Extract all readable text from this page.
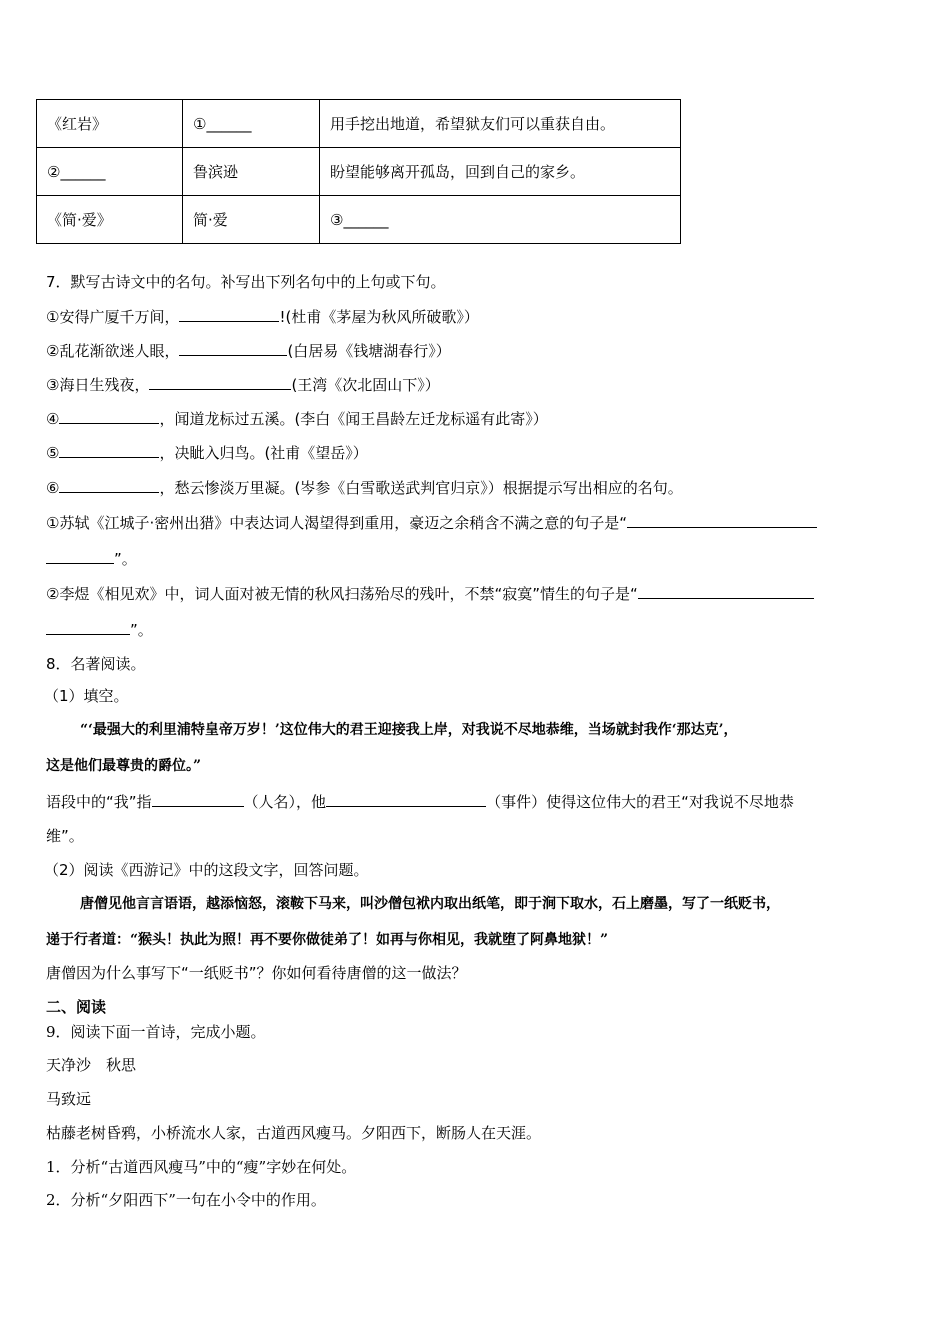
《红岩》	①______	用手挖出地道，希望狱友们可以重获自由。
②______	鲁滨逊	盼望能够离开孤岛，回到自己的家乡。
《简·爱》	简·爱	③______
7．默写古诗文中的名句。补写出下列名句中的上句或下句。
①安得广厦千万间，	!(杜甫《茅屋为秋风所破歌》）
②乱花渐欲迷人眼，	(白居易《钱塘湖春行》）
③海日生残夜，	(王湾《次北固山下》）
④	，闻道龙标过五溪。(李白《闻王昌龄左迁龙标遥有此寄》）
⑤	，决眦入归鸟。(社甫《望岳》）
⑥	，愁云惨淡万里凝。(岑参《白雪歌送武判官归京》）根据提示写出相应的名句。
①苏轼《江城子·密州出猎》中表达词人渴望得到重用，豪迈之余稍含不满之意的句子是“
”。
②李煜《相见欢》中，词人面对被无情的秋风扫荡殆尽的残叶，不禁“寂寞”情生的句子是“
”。
8．名著阅读。
（1）填空。
“‘最强大的利里浦特皇帝万岁！’这位伟大的君王迎接我上岸，对我说不尽地恭维，当场就封我作‘那达克’，
这是他们最尊贵的爵位。”
语段中的“我”指	（人名），他	（事件）使得这位伟大的君王“对我说不尽地恭
维”。
（2）阅读《西游记》中的这段文字，回答问题。
唐僧见他言言语语，越添恼怒，滚鞍下马来，叫沙僧包袱内取出纸笔，即于涧下取水，石上磨墨，写了一纸贬书，
递于行者道：“猴头！执此为照！再不要你做徒弟了！如再与你相见，我就堕了阿鼻地狱！”
唐僧因为什么事写下“一纸贬书”？你如何看待唐僧的这一做法？
二、阅读
9．阅读下面一首诗，完成小题。
天净沙　秋思
马致远
枯藤老树昏鸦，小桥流水人家，古道西风瘦马。夕阳西下，断肠人在天涯。
1．分析“古道西风瘦马”中的“瘦”字妙在何处。
2．分析“夕阳西下”一句在小令中的作用。
